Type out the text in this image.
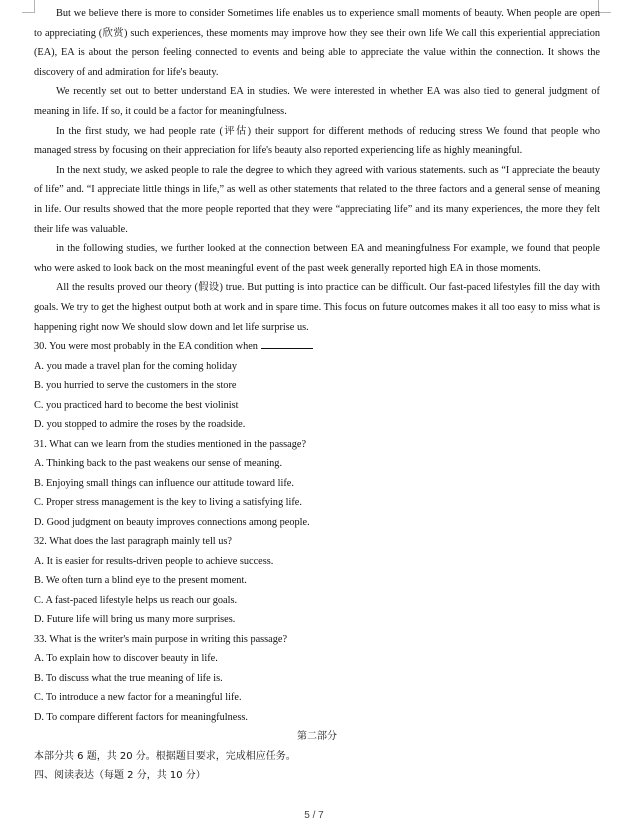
But we believe there is more to consider Sometimes life enables us to experience small moments of beauty. When people are open to appreciating (欣赏) such experiences, these moments may improve how they see their own life We call this experiential appreciation (EA), EA is about the person feeling connected to events and being able to appreciate the value within the connection. It shows the discovery of and admiration for life's beauty.

We recently set out to better understand EA in studies. We were interested in whether EA was also tied to general judgment of meaning in life. If so, it could be a factor for meaningfulness.

In the first study, we had people rate (评估) their support for different methods of reducing stress We found that people who managed stress by focusing on their appreciation for life's beauty also reported experiencing life as highly meaningful.

In the next study, we asked people to rale the degree to which they agreed with various statements. such as “I appreciate the beauty of life” and. “I appreciate little things in life,” as well as other statements that related to the three factors and a general sense of meaning in life. Our results showed that the more people reported that they were “appreciating life” and its many experiences, the more they felt their life was valuable.

in the following studies, we further looked at the connection between EA and meaningfulness For example, we found that people who were asked to look back on the most meaningful event of the past week generally reported high EA in those moments.

All the results proved our theory (假设) true. But putting is into practice can be difficult. Our fast-paced lifestyles fill the day with goals. We try to get the highest output both at work and in spare time. This focus on future outcomes makes it all too easy to miss what is happening right now We should slow down and let life surprise us.

30. You were most probably in the EA condition when

A. you made a travel plan for the coming holiday

B. you hurried to serve the customers in the store

C. you practiced hard to become the best violinist

D. you stopped to admire the roses by the roadside.

31. What can we learn from the studies mentioned in the passage?

A. Thinking back to the past weakens our sense of meaning.

B. Enjoying small things can influence our attitude toward life.

C. Proper stress management is the key to living a satisfying life.

D. Good judgment on beauty improves connections among people.

32. What does the last paragraph mainly tell us?

A. It is easier for results-driven people to achieve success.

B. We often turn a blind eye to the present moment.

C. A fast-paced lifestyle helps us reach our goals.

D. Future life will bring us many more surprises.

33. What is the writer's main purpose in writing this passage?

A. To explain how to discover beauty in life.

B. To discuss what the true meaning of life is.

C. To introduce a new factor for a meaningful life.

D. To compare different factors for meaningfulness.

第二部分

本部分共 6 题，共 20 分。根据题目要求，完成相应任务。

四、阅读表达（每题 2 分，共 10 分）

5 / 7
